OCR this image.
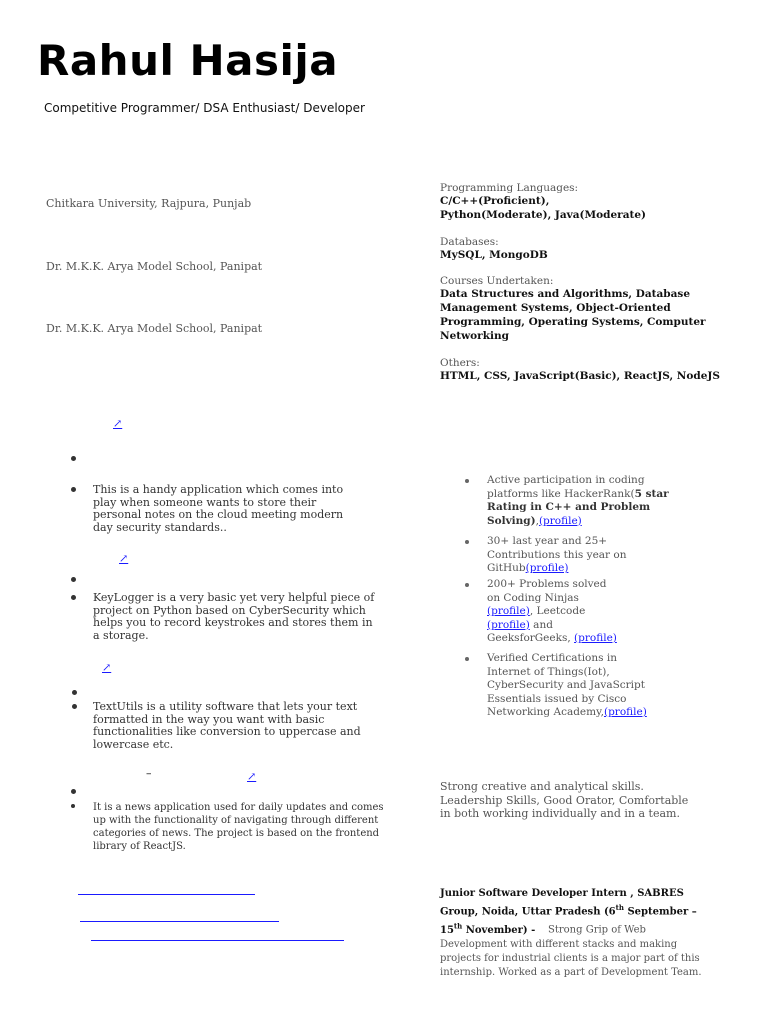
Rahul Hasija
Competitive Programmer/ DSA Enthusiast/ Developer
Chitkara University, Rajpura, Punjab
Dr. M.K.K. Arya Model School, Panipat
Dr. M.K.K. Arya Model School, Panipat
Programming Languages:
C/C++(Proficient),
Python(Moderate), Java(Moderate)
Databases:
MySQL, MongoDB
Courses Undertaken:
Data Structures and Algorithms, Database
Management Systems, Object-Oriented
Programming, Operating Systems, Computer
Networking
Others:
HTML, CSS, JavaScript(Basic), ReactJS, NodeJS
↗
This is a handy application which comes into
play when someone wants to store their
personal notes on the cloud meeting modern
day security standards..
↗
KeyLogger is a very basic yet very helpful piece of
project on Python based on CyberSecurity which
helps you to record keystrokes and stores them in
a storage.
↗
TextUtils is a utility software that lets your text
formatted in the way you want with basic
functionalities like conversion to uppercase and
lowercase etc.
–	↗
It is a news application used for daily updates and comes
up with the functionality of navigating through different
categories of news. The project is based on the frontend
library of ReactJS.
Active participation in coding
platforms like HackerRank(5 star
Rating in C++ and Problem
Solving),(profile)
30+ last year and 25+
Contributions this year on
GitHub(profile)
200+ Problems solved
on Coding Ninjas
(profile), Leetcode
(profile) and
GeeksforGeeks, (profile)
Verified Certifications in
Internet of Things(Iot),
CyberSecurity and JavaScript
Essentials issued by Cisco
Networking Academy,(profile)
Strong creative and analytical skills.
Leadership Skills, Good Orator, Comfortable
in both working individually and in a team.
Junior Software Developer Intern , SABRES
Group, Noida, Uttar Pradesh (6th September –
15th November) -    Strong Grip of Web
Development with different stacks and making
projects for industrial clients is a major part of this
internship. Worked as a part of Development Team.
